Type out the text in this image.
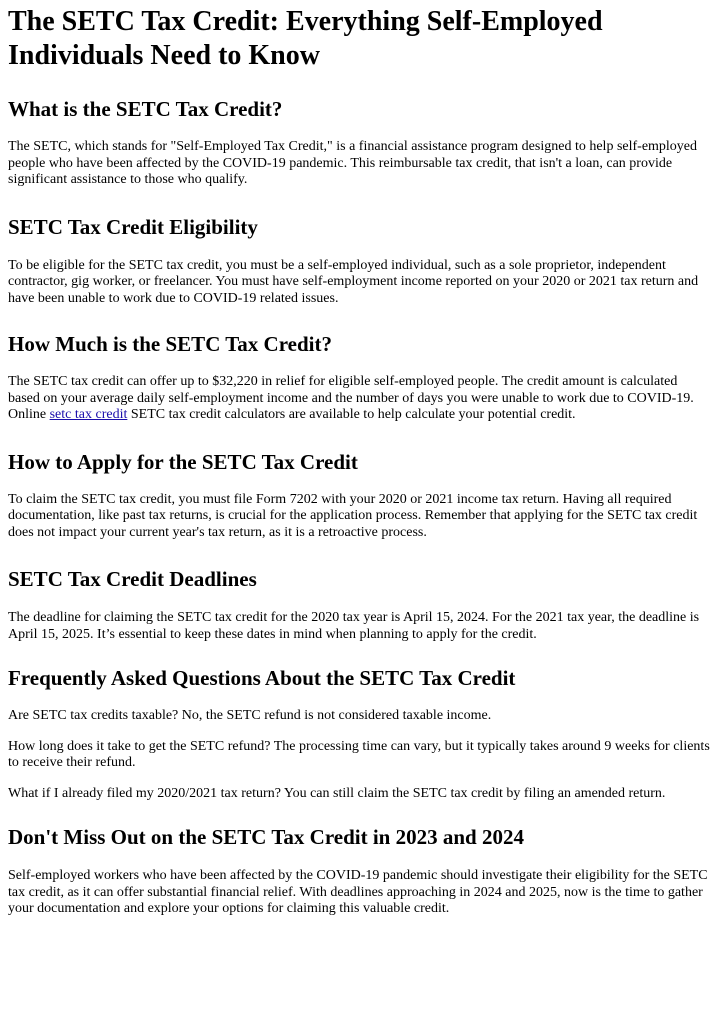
The SETC Tax Credit: Everything Self-Employed Individuals Need to Know
What is the SETC Tax Credit?

The SETC, which stands for "Self-Employed Tax Credit," is a financial assistance program designed to help self-employed people who have been affected by the COVID-19 pandemic. This reimbursable tax credit, that isn't a loan, can provide significant assistance to those who qualify.

SETC Tax Credit Eligibility

To be eligible for the SETC tax credit, you must be a self-employed individual, such as a sole proprietor, independent contractor, gig worker, or freelancer. You must have self-employment income reported on your 2020 or 2021 tax return and have been unable to work due to COVID-19 related issues.

How Much is the SETC Tax Credit?

The SETC tax credit can offer up to $32,220 in relief for eligible self-employed people. The credit amount is calculated based on your average daily self-employment income and the number of days you were unable to work due to COVID-19. Online setc tax credit SETC tax credit calculators are available to help calculate your potential credit.

How to Apply for the SETC Tax Credit

To claim the SETC tax credit, you must file Form 7202 with your 2020 or 2021 income tax return. Having all required documentation, like past tax returns, is crucial for the application process. Remember that applying for the SETC tax credit does not impact your current year's tax return, as it is a retroactive process.

SETC Tax Credit Deadlines

The deadline for claiming the SETC tax credit for the 2020 tax year is April 15, 2024. For the 2021 tax year, the deadline is April 15, 2025. It’s essential to keep these dates in mind when planning to apply for the credit.

Frequently Asked Questions About the SETC Tax Credit

Are SETC tax credits taxable? No, the SETC refund is not considered taxable income.

How long does it take to get the SETC refund? The processing time can vary, but it typically takes around 9 weeks for clients to receive their refund.

What if I already filed my 2020/2021 tax return? You can still claim the SETC tax credit by filing an amended return.

Don't Miss Out on the SETC Tax Credit in 2023 and 2024

Self-employed workers who have been affected by the COVID-19 pandemic should investigate their eligibility for the SETC tax credit, as it can offer substantial financial relief. With deadlines approaching in 2024 and 2025, now is the time to gather your documentation and explore your options for claiming this valuable credit.
